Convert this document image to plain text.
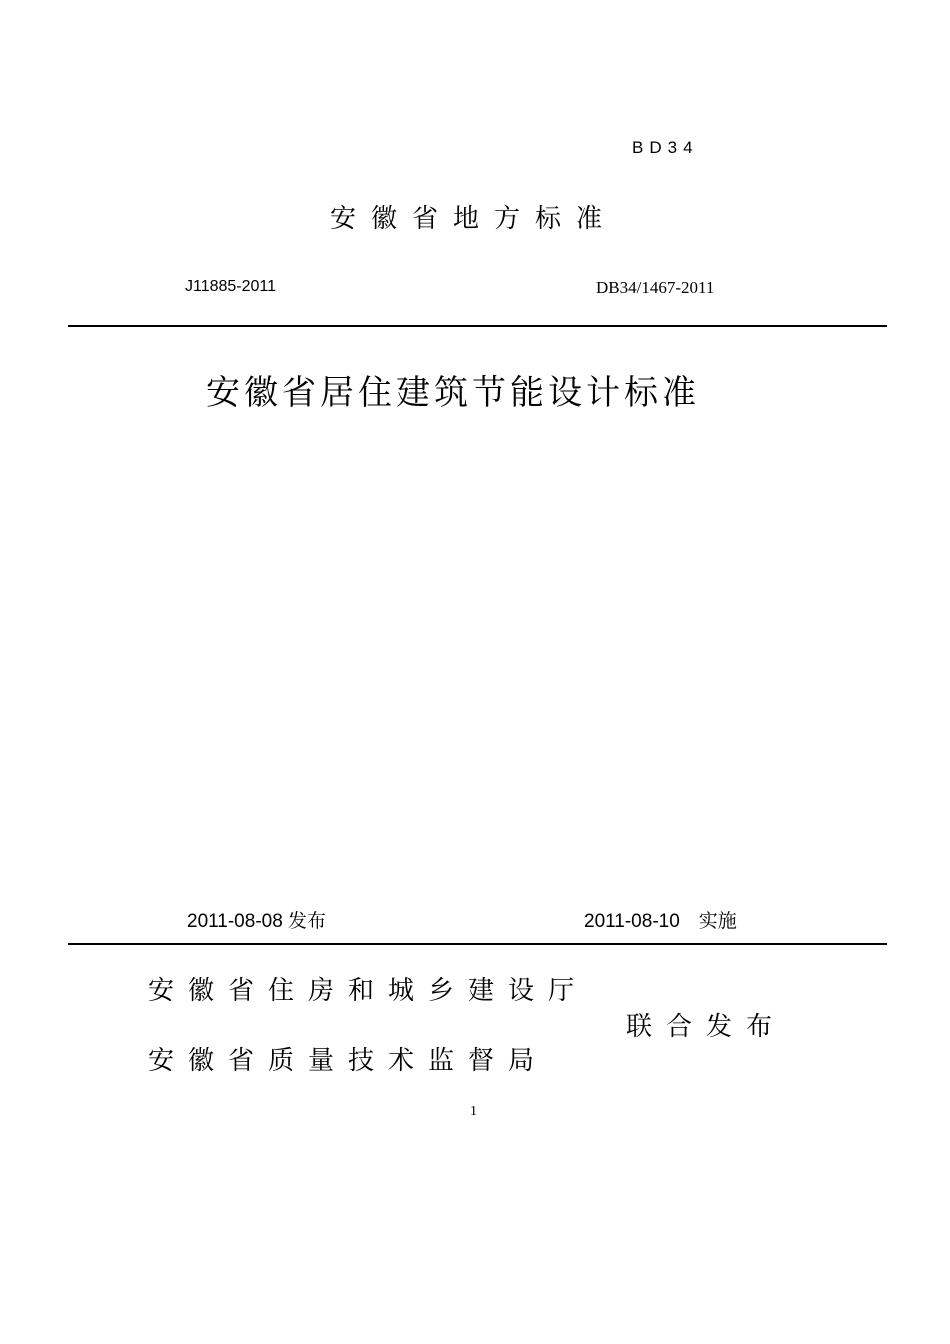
BD34
安徽省地方标准
J11885-2011	DB34/1467-2011
安徽省居住建筑节能设计标准
2011-08-08 发布	2011-08-10　实施
安徽省住房和城乡建设厅
联合发布
安徽省质量技术监督局
1
